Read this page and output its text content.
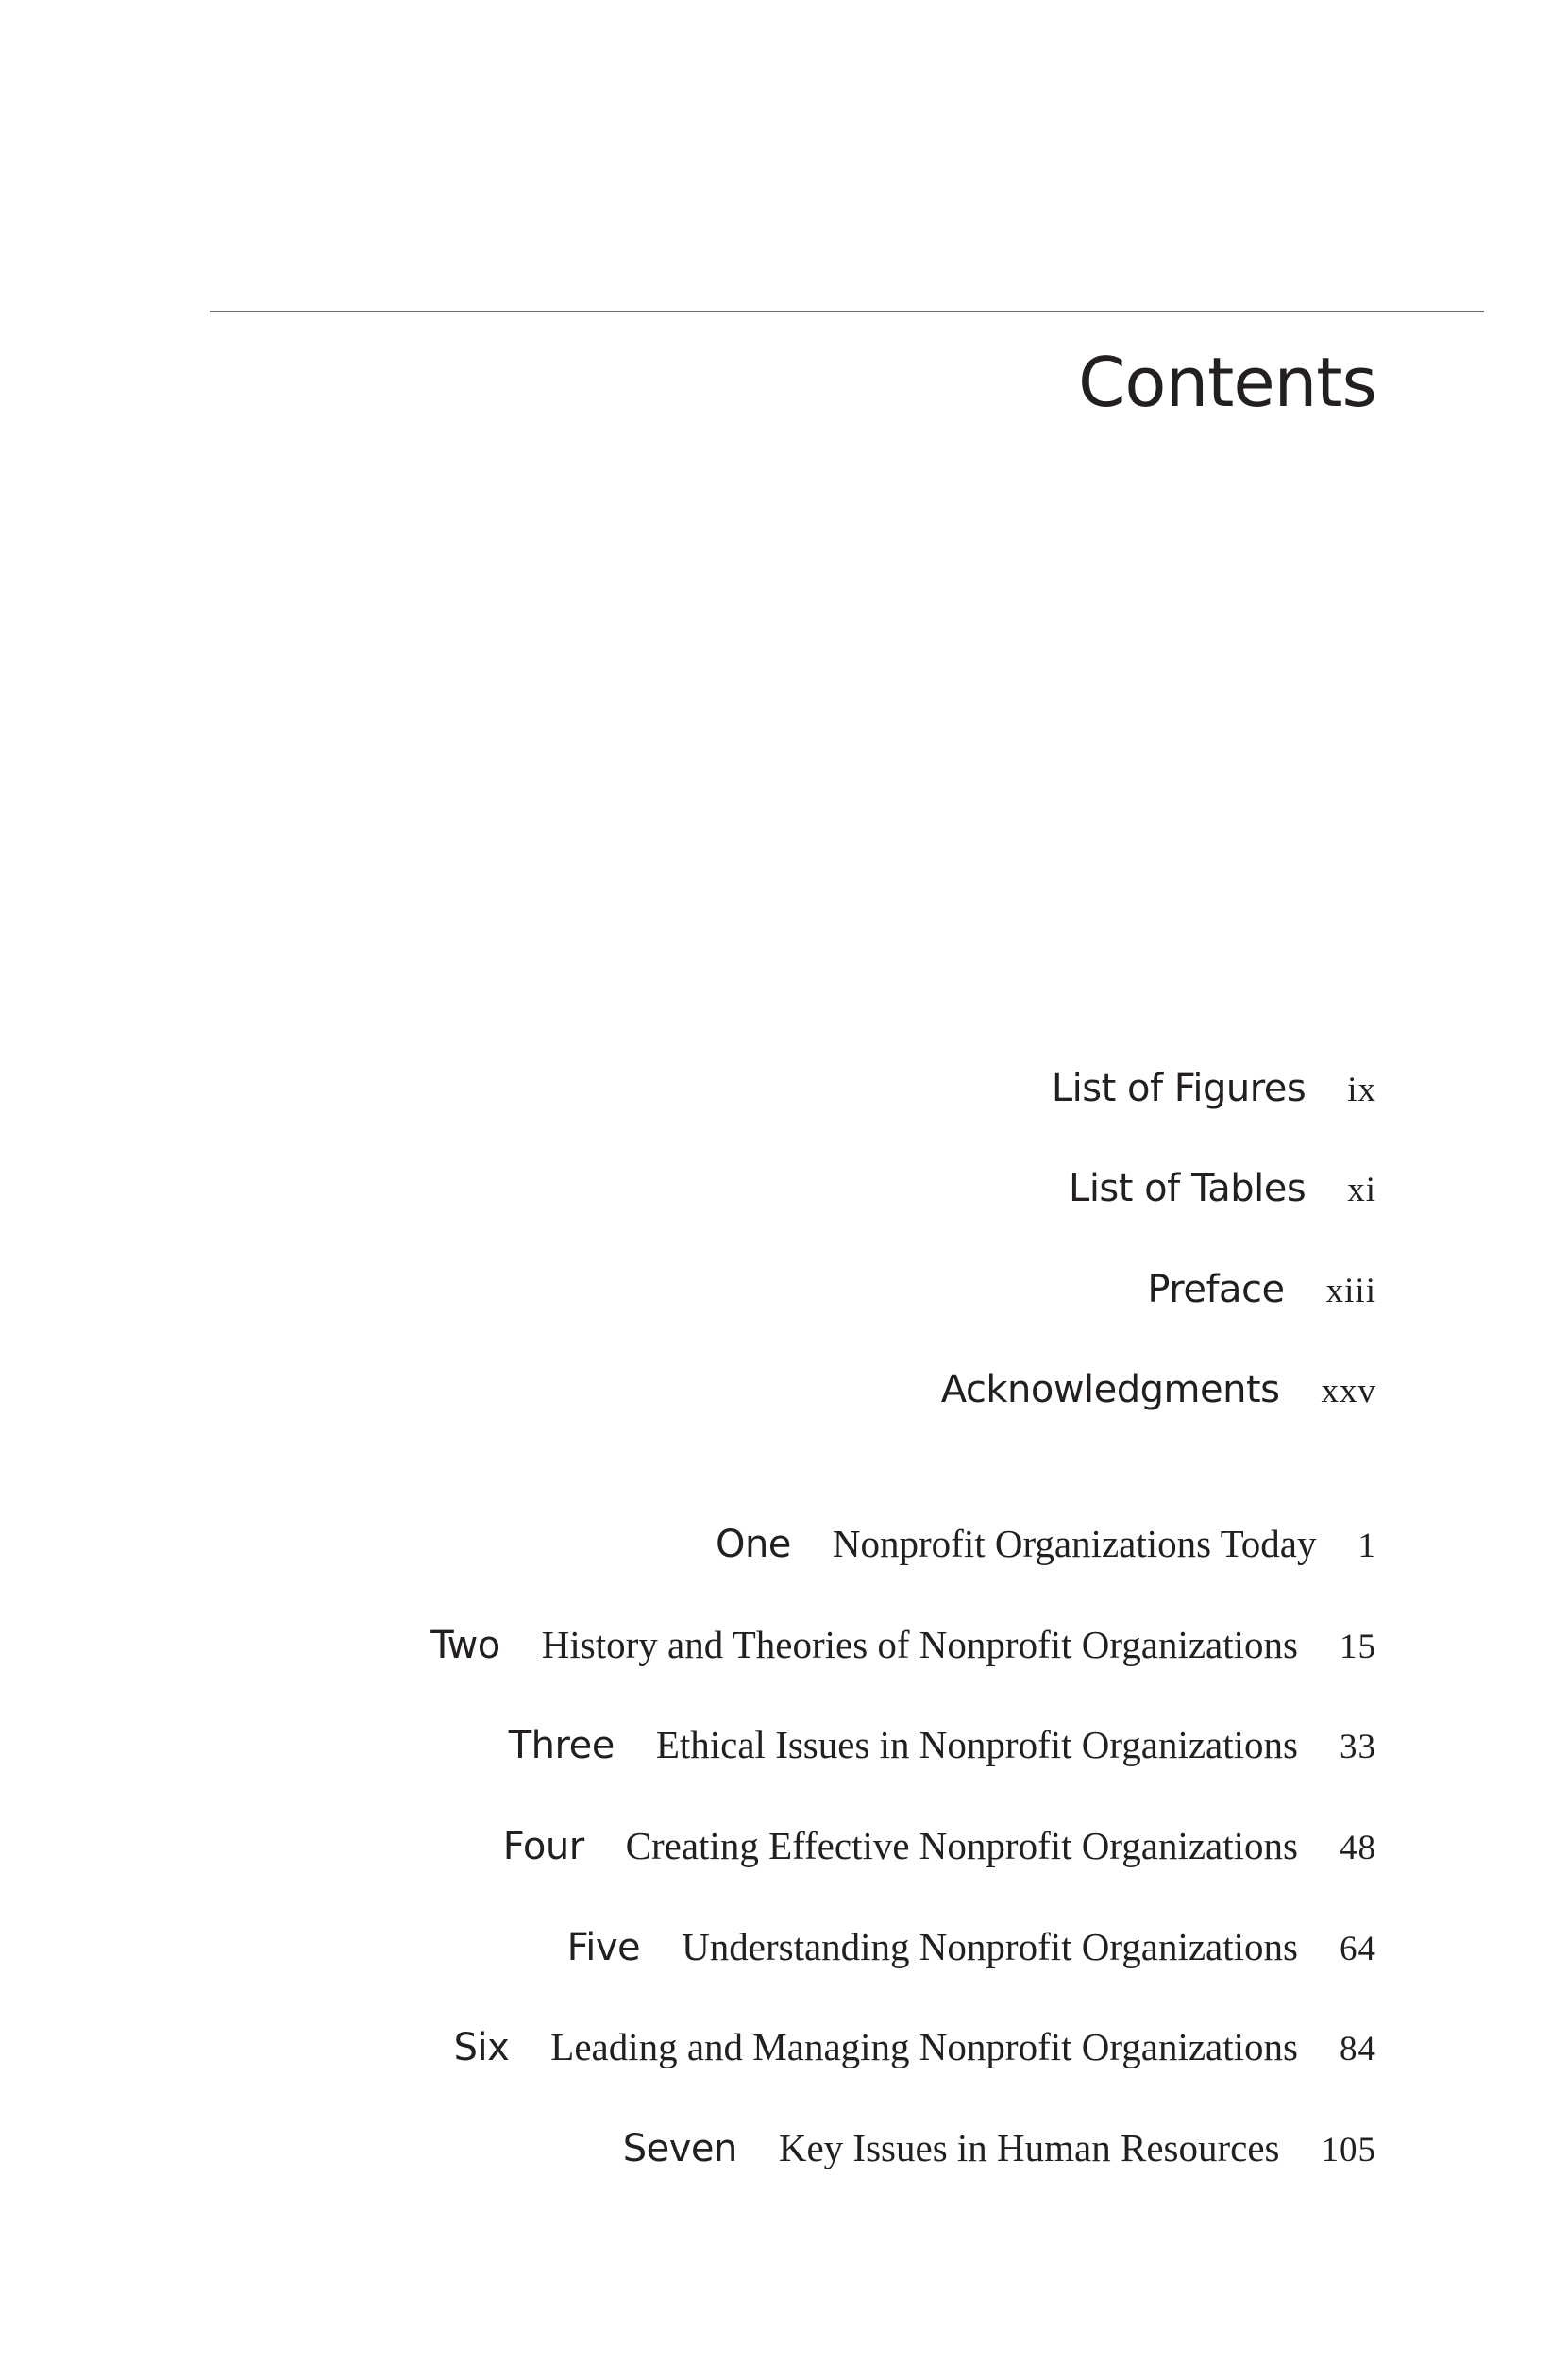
Contents
List of Figures ix
List of Tables xi
Preface xiii
Acknowledgments xxv
One Nonprofit Organizations Today 1
Two History and Theories of Nonprofit Organizations 15
Three Ethical Issues in Nonprofit Organizations 33
Four Creating Effective Nonprofit Organizations 48
Five Understanding Nonprofit Organizations 64
Six Leading and Managing Nonprofit Organizations 84
Seven Key Issues in Human Resources 105
